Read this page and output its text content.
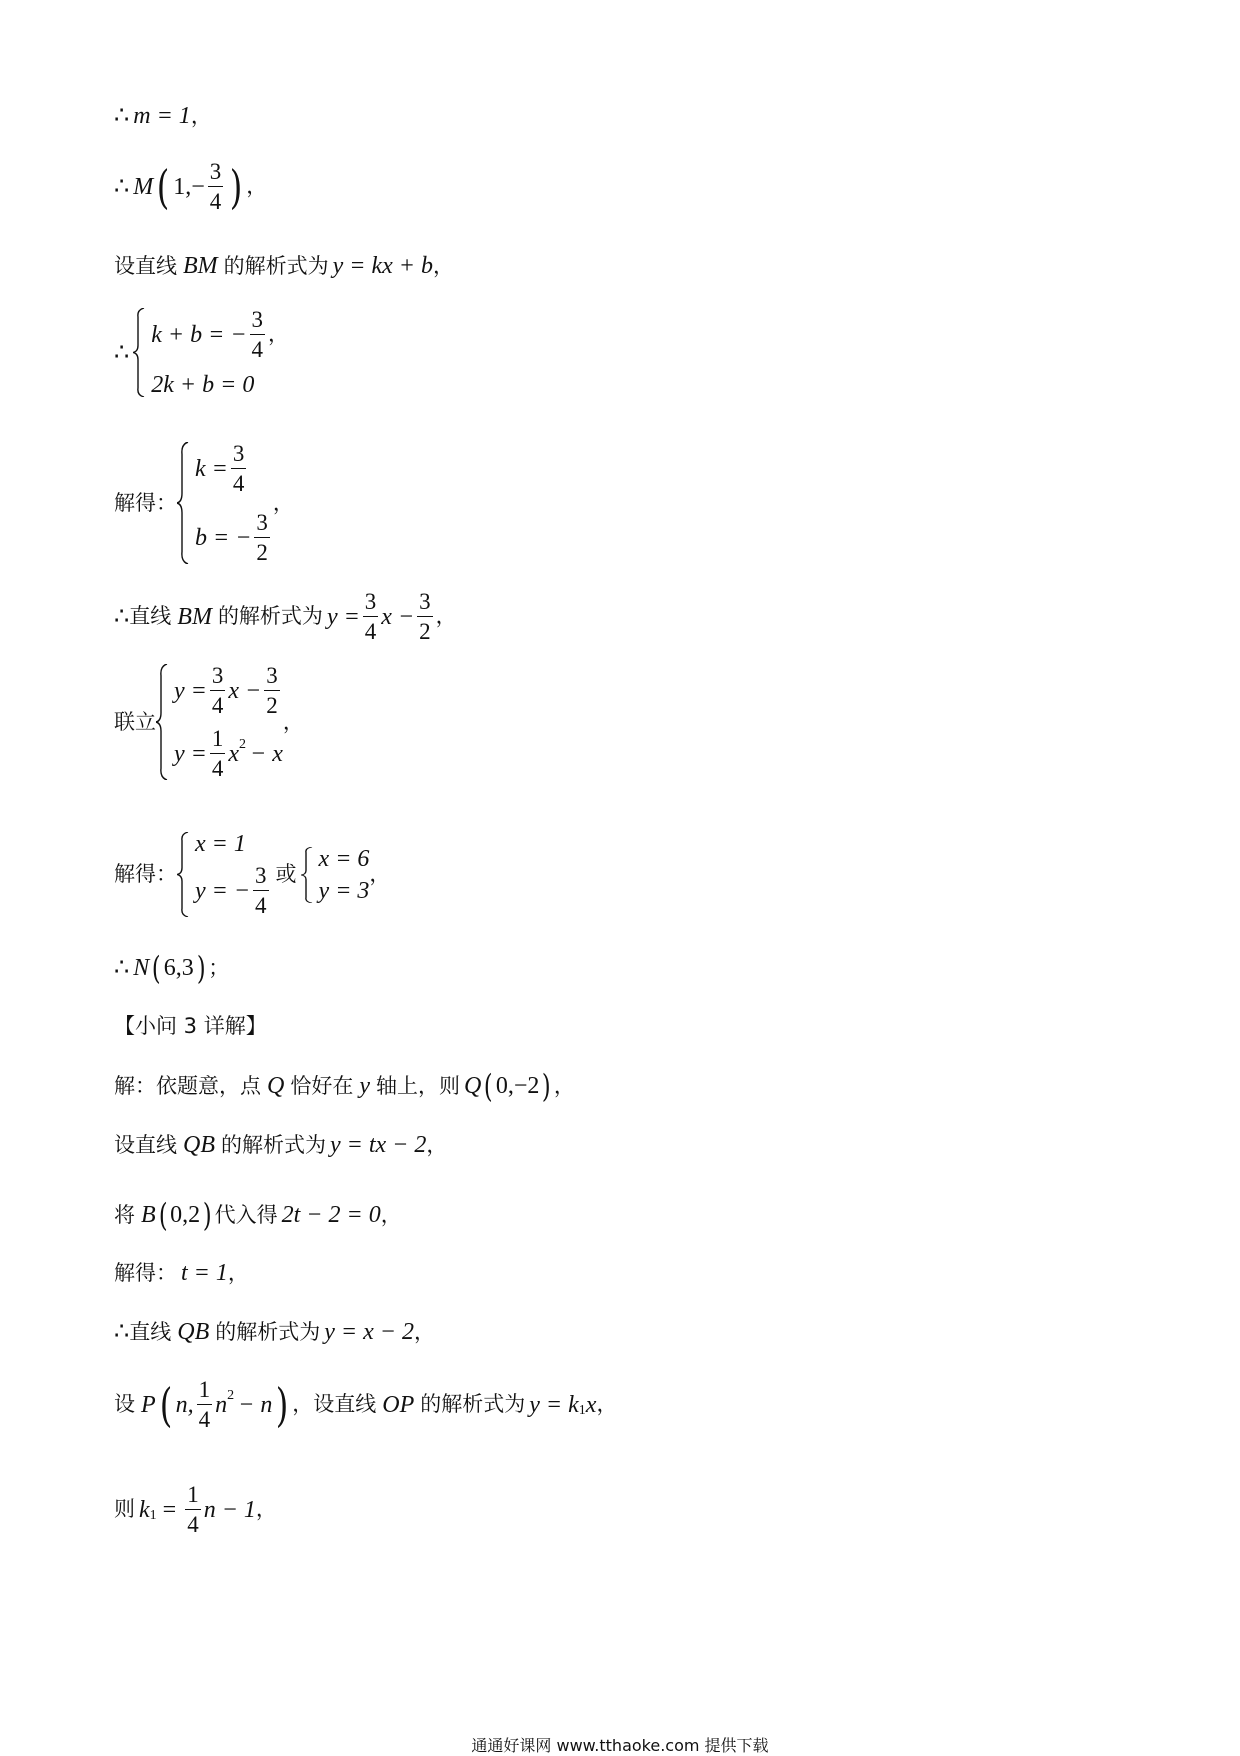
∴ m = 1 ，
∴ M ( 1 , − $\frac{3}{4}$ ) ，
设直线 BM 的解析式为 y = kx + b ，
∴
k + b = − $\frac{3}{4}$ ，
2k + b = 0
解得：
$k = \frac{3}{4}$
b = − $\frac{3}{2}$
，
∴ 直线 BM 的解析式为 $y = \frac{3}{4}$ $x - \frac{3}{2}$ ，
联立
$y = \frac{3}{4}$ $x - \frac{3}{2}$
$y = \frac{1}{4}$ x 2 − x
，
解得：
x = 1
y = − $\frac{3}{4}$ 或
x = 6
y = 3
，
∴ N ( 6,3 ) ；
【小问 3 详解】
解：依题意，点 Q 恰好在 y 轴上，则 Q ( 0,−2 ) ，
设直线 QB 的解析式为 y = tx − 2 ，
将 B ( 0,2 ) 代入得 2t − 2 = 0 ，
解得： t = 1 ，
∴ 直线 QB 的解析式为 y = x − 2 ，
设 P ( n, $\frac{1}{4}$ n 2 − n ) ，设直线 OP 的解析式为 y = k 1 x ，
则 k $1 = \frac{1}{4}$ n − 1 ，
通通好课网 www.tthaoke.com 提供下载
